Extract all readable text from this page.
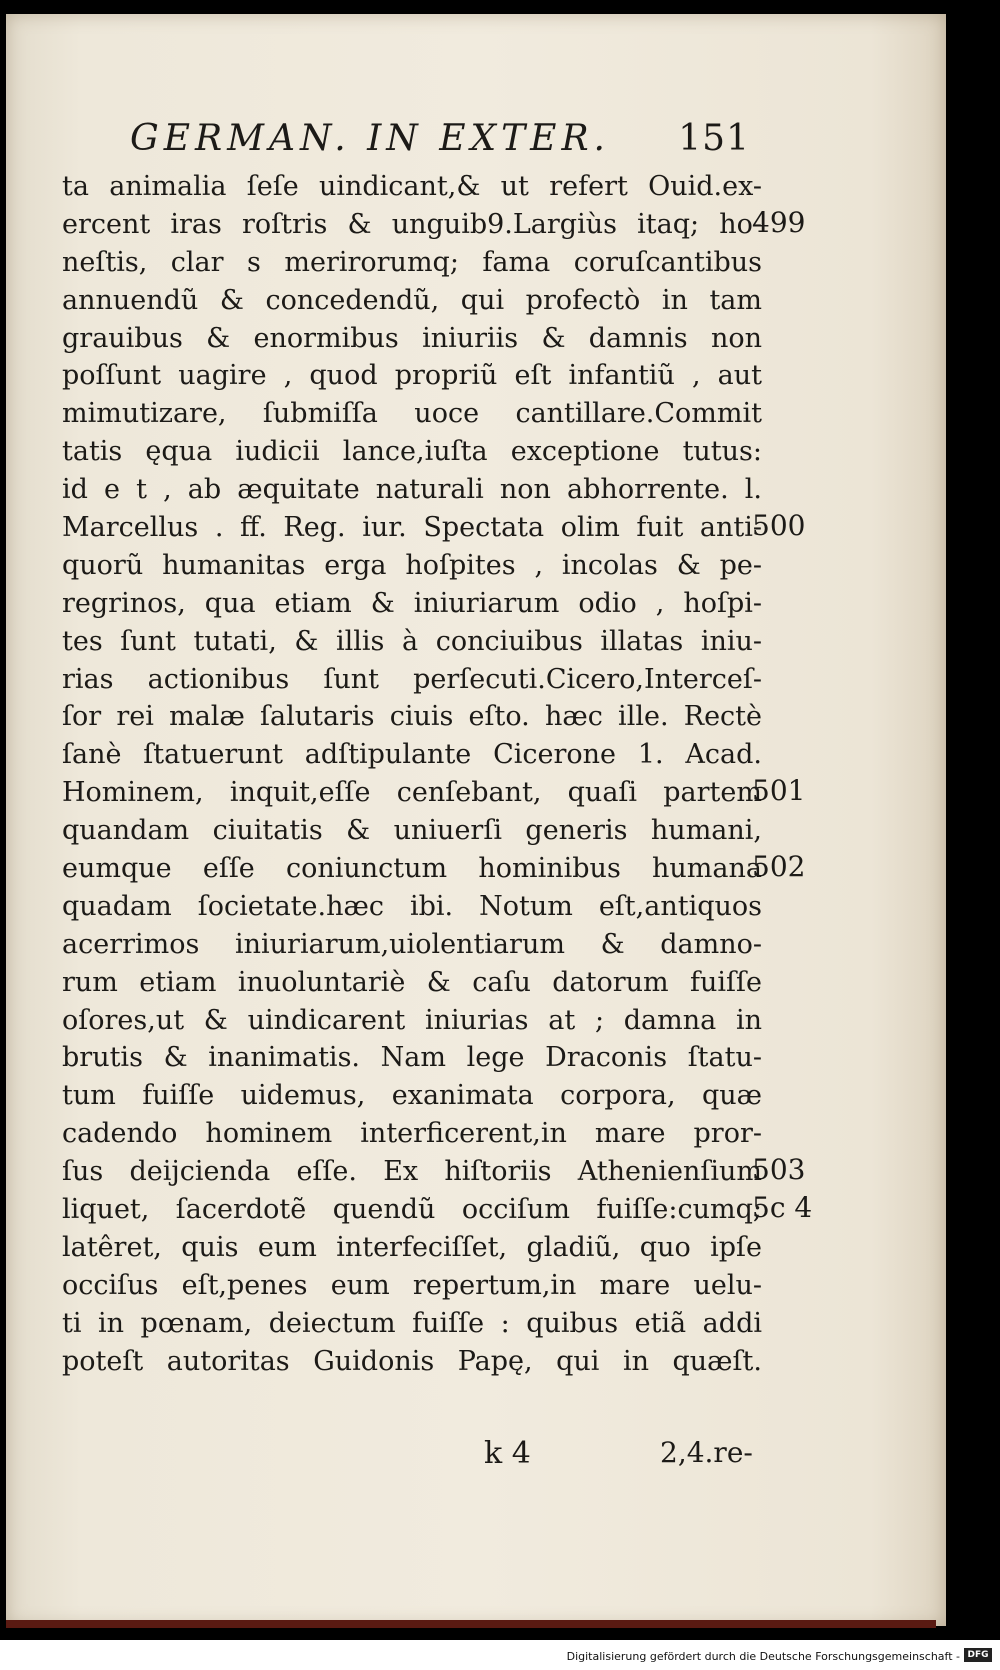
GERMAN. IN EXTER. 151
ta animalia ſeſe uindicant,& ut refert Ouid.ex-
ercent iras roſtris & unguib9.Largiùs itaq; ho-
neſtis, clar s merirorumq; fama coruſcantibus
annuendũ & concedendũ, qui profectò in tam
grauibus & enormibus iniuriis & damnis non
poſſunt uagire , quod propriũ eſt infantiũ , aut
mimutizare, ſubmiſſa uoce cantillare.Commit
tatis ęqua iudicii lance,iuſta exceptione tutus:
id e t , ab æquitate naturali non abhorrente. l.
Marcellus . ff. Reg. iur. Spectata olim fuit anti-
quorũ humanitas erga hoſpites , incolas & pe-
regrinos, qua etiam & iniuriarum odio , hoſpi-
tes ſunt tutati, & illis à conciuibus illatas iniu-
rias actionibus ſunt perſecuti.Cicero,Interceſ-
ſor rei malæ ſalutaris ciuis eſto. hæc ille. Rectè
ſanè ſtatuerunt adſtipulante Cicerone 1. Acad.
Hominem, inquit,eſſe cenſebant, quaſi partem
quandam ciuitatis & uniuerſi generis humani,
eumque eſſe coniunctum hominibus humana
quadam ſocietate.hæc ibi. Notum eſt,antiquos
acerrimos iniuriarum,uiolentiarum & damno-
rum etiam inuoluntariè & caſu datorum fuiſſe
oſores,ut & uindicarent iniurias at ; damna in
brutis & inanimatis. Nam lege Draconis ſtatu-
tum fuiſſe uidemus, exanimata corpora, quæ
cadendo hominem interficerent,in mare pror-
ſus deijcienda eſſe. Ex hiſtoriis Athenienſium
liquet, ſacerdotẽ quendũ occiſum fuiſſe:cumq;
latêret, quis eum interfeciſſet, gladiũ, quo ipſe
occiſus eſt,penes eum repertum,in mare uelu-
ti in pœnam, deiectum fuiſſe : quibus etiã addi
poteſt autoritas Guidonis Papę, qui in quæſt.
499
500
501
502
503
5c 4
k 4	2,4.re-
Digitalisierung gefördert durch die Deutsche Forschungsgemeinschaft - DFG
